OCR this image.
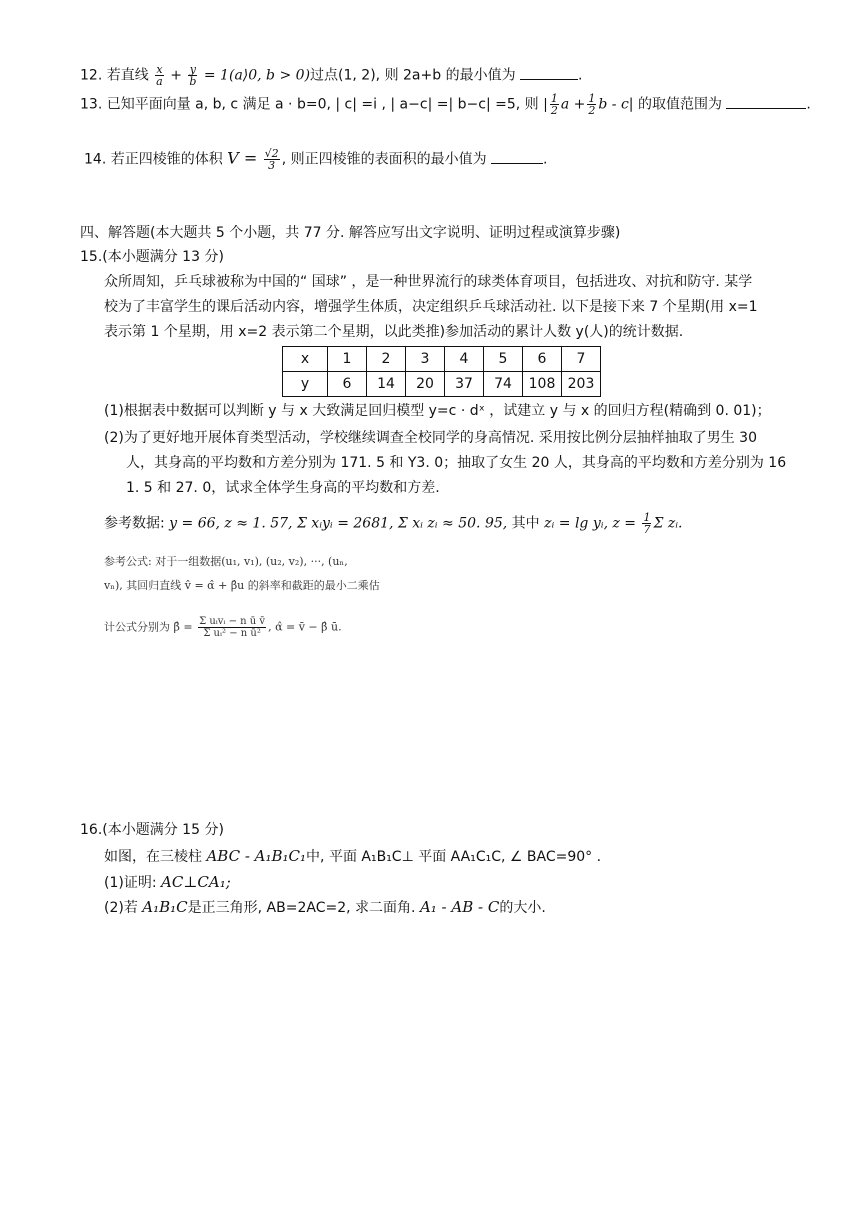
12. 若直线 $\frac{x}{a} + \frac{y}{b}$ = 1(a⟩0, b > 0)过点(1, 2), 则 2a+b 的最小值为	.
13. 已知平面向量 a, b, c 满足 a · b=0, | c| =i , | a−c| =| b−c| =5, 则 | $\frac{1}{2}$ $a + \frac{1}{2}$ b - c| 的取值范围为	.
14. 若正四棱锥的体积 $V = \frac{√2}{3}$ , 则正四棱锥的表面积的最小值为	.
四、解答题(本大题共 5 个小题，共 77 分. 解答应写出文字说明、证明过程或演算步骤)
15.(本小题满分 13 分)
众所周知，乒乓球被称为中国的“ 国球” ，是一种世界流行的球类体育项目，包括进攻、对抗和防守. 某学
校为了丰富学生的课后活动内容，增强学生体质，决定组织乒乓球活动社. 以下是接下来 7 个星期(用 x=1
表示第 1 个星期，用 x=2 表示第二个星期，以此类推)参加活动的累计人数 y(人)的统计数据.
x	1	2	3	4	5	6	7
y	6	14	20	37	74	108	203
(1)根据表中数据可以判断 y 与 x 大致满足回归模型 y=c · dˣ ，试建立 y 与 x 的回归方程(精确到 0. 01)；
(2)为了更好地开展体育类型活动，学校继续调查全校同学的身高情况. 采用按比例分层抽样抽取了男生 30
人，其身高的平均数和方差分别为 171. 5 和 Y3. 0；抽取了女生 20 人，其身高的平均数和方差分别为 16
1. 5 和 27. 0，试求全体学生身高的平均数和方差.
参考数据: y = 66, z ≈ 1. 57, Σ xᵢyᵢ = 2681, Σ xᵢ zᵢ ≈ 50. 95, 其中 zᵢ = lg yᵢ, $z = \frac{1}{7}$ Σ zᵢ.
参考公式: 对于一组数据(u₁, v₁), (u₂, v₂), ···, (uₙ,
vₙ), 其回归直线 v̂ = α̂ + β̂u 的斜率和截距的最小二乘估
计公式分别为 β̂ = $\frac{\text{Σ uᵢvᵢ − n ū v̄}}{\text{Σ uᵢ² − n ū²}}$ , α̂ = v̄ − β̂ ū.
16.(本小题满分 15 分)
如图，在三棱柱 ABC - A₁B₁C₁中, 平面 A₁B₁C⊥ 平面 AA₁C₁C, ∠ BAC=90° .
(1)证明: AC⊥CA₁;
(2)若 A₁B₁C是正三角形, AB=2AC=2, 求二面角. A₁ - AB - C的大小.
